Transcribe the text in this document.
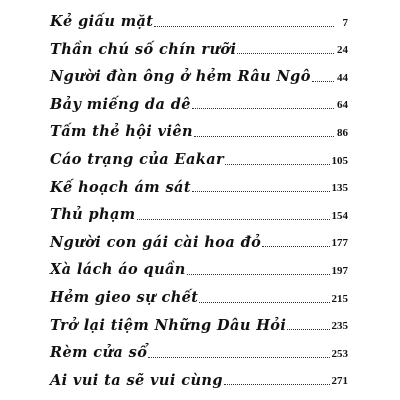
Kẻ giấu mặt	7
Thần chú số chín rưỡi	24
Người đàn ông ở hẻm Râu Ngô 44
Bảy miếng da dê	64
Tấm thẻ hội viên	86
Cáo trạng của Eakar	105
Kế hoạch ám sát	135
Thủ phạm	154
Người con gái cài hoa đỏ	177
Xà lách áo quần	197
Hẻm gieo sự chết	215
Trở lại tiệm Những Dâu Hỏi	235
Rèm cửa sổ	253
Ai vui ta sẽ vui cùng	271
